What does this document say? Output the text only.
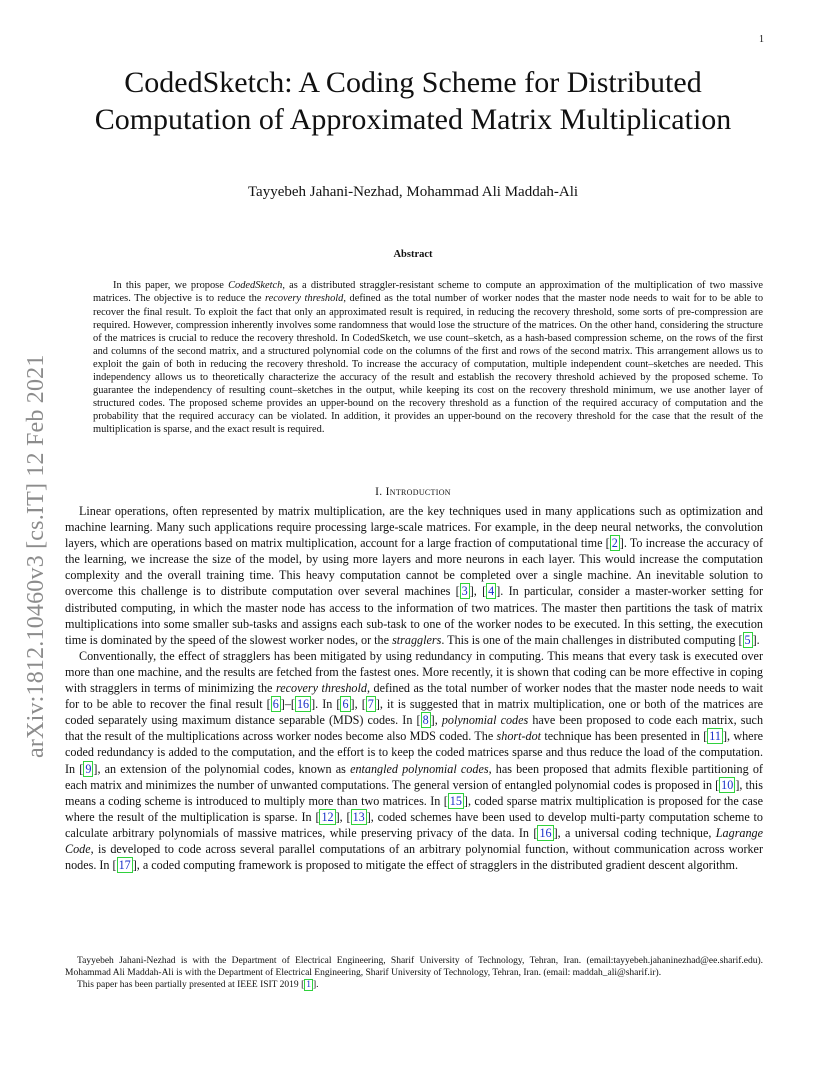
1
arXiv:1812.10460v3 [cs.IT] 12 Feb 2021
CodedSketch: A Coding Scheme for Distributed Computation of Approximated Matrix Multiplication
Tayyebeh Jahani-Nezhad, Mohammad Ali Maddah-Ali
Abstract

In this paper, we propose CodedSketch, as a distributed straggler-resistant scheme to compute an approximation of the multiplication of two massive matrices. The objective is to reduce the recovery threshold, defined as the total number of worker nodes that the master node needs to wait for to be able to recover the final result. To exploit the fact that only an approximated result is required, in reducing the recovery threshold, some sorts of pre-compression are required. However, compression inherently involves some randomness that would lose the structure of the matrices. On the other hand, considering the structure of the matrices is crucial to reduce the recovery threshold. In CodedSketch, we use count–sketch, as a hash-based compression scheme, on the rows of the first and columns of the second matrix, and a structured polynomial code on the columns of the first and rows of the second matrix. This arrangement allows us to exploit the gain of both in reducing the recovery threshold. To increase the accuracy of computation, multiple independent count–sketches are needed. This independency allows us to theoretically characterize the accuracy of the result and establish the recovery threshold achieved by the proposed scheme. To guarantee the independency of resulting count–sketches in the output, while keeping its cost on the recovery threshold minimum, we use another layer of structured codes. The proposed scheme provides an upper-bound on the recovery threshold as a function of the required accuracy of computation and the probability that the required accuracy can be violated. In addition, it provides an upper-bound on the recovery threshold for the case that the result of the multiplication is sparse, and the exact result is required.

I. Introduction

Linear operations, often represented by matrix multiplication, are the key techniques used in many applications such as optimization and machine learning. Many such applications require processing large-scale matrices. For example, in the deep neural networks, the convolution layers, which are operations based on matrix multiplication, account for a large fraction of computational time [ 2 ]. To increase the accuracy of the learning, we increase the size of the model, by using more layers and more neurons in each layer. This would increase the computation complexity and the overall training time. This heavy computation cannot be completed over a single machine. An inevitable solution to overcome this challenge is to distribute computation over several machines [ 3 ], [ 4 ]. In particular, consider a master-worker setting for distributed computing, in which the master node has access to the information of two matrices. The master then partitions the task of matrix multiplications into some smaller sub-tasks and assigns each sub-task to one of the worker nodes to be executed. In this setting, the execution time is dominated by the speed of the slowest worker nodes, or the stragglers. This is one of the main challenges in distributed computing [ 5 ].

Conventionally, the effect of stragglers has been mitigated by using redundancy in computing. This means that every task is executed over more than one machine, and the results are fetched from the fastest ones. More recently, it is shown that coding can be more effective in coping with stragglers in terms of minimizing the recovery threshold, defined as the total number of worker nodes that the master node needs to wait for to be able to recover the final result [ 6 ]–[ 16 ]. In [ 6 ], [ 7 ], it is suggested that in matrix multiplication, one or both of the matrices are coded separately using maximum distance separable (MDS) codes. In [ 8 ], polynomial codes have been proposed to code each matrix, such that the result of the multiplications across worker nodes become also MDS coded. The short-dot technique has been presented in [ 11 ], where coded redundancy is added to the computation, and the effort is to keep the coded matrices sparse and thus reduce the load of the computation. In [ 9 ], an extension of the polynomial codes, known as entangled polynomial codes, has been proposed that admits flexible partitioning of each matrix and minimizes the number of unwanted computations. The general version of entangled polynomial codes is proposed in [ 10 ], this means a coding scheme is introduced to multiply more than two matrices. In [ 15 ], coded sparse matrix multiplication is proposed for the case where the result of the multiplication is sparse. In [ 12 ], [ 13 ], coded schemes have been used to develop multi-party computation scheme to calculate arbitrary polynomials of massive matrices, while preserving privacy of the data. In [ 16 ], a universal coding technique, Lagrange Code, is developed to code across several parallel computations of an arbitrary polynomial function, without communication across worker nodes. In [ 17 ], a coded computing framework is proposed to mitigate the effect of stragglers in the distributed gradient descent algorithm.

Tayyebeh Jahani-Nezhad is with the Department of Electrical Engineering, Sharif University of Technology, Tehran, Iran. (email:tayyebeh.jahaninezhad@ee.sharif.edu). Mohammad Ali Maddah-Ali is with the Department of Electrical Engineering, Sharif University of Technology, Tehran, Iran. (email: maddah_ali@sharif.ir).

This paper has been partially presented at IEEE ISIT 2019 [ 1 ].
